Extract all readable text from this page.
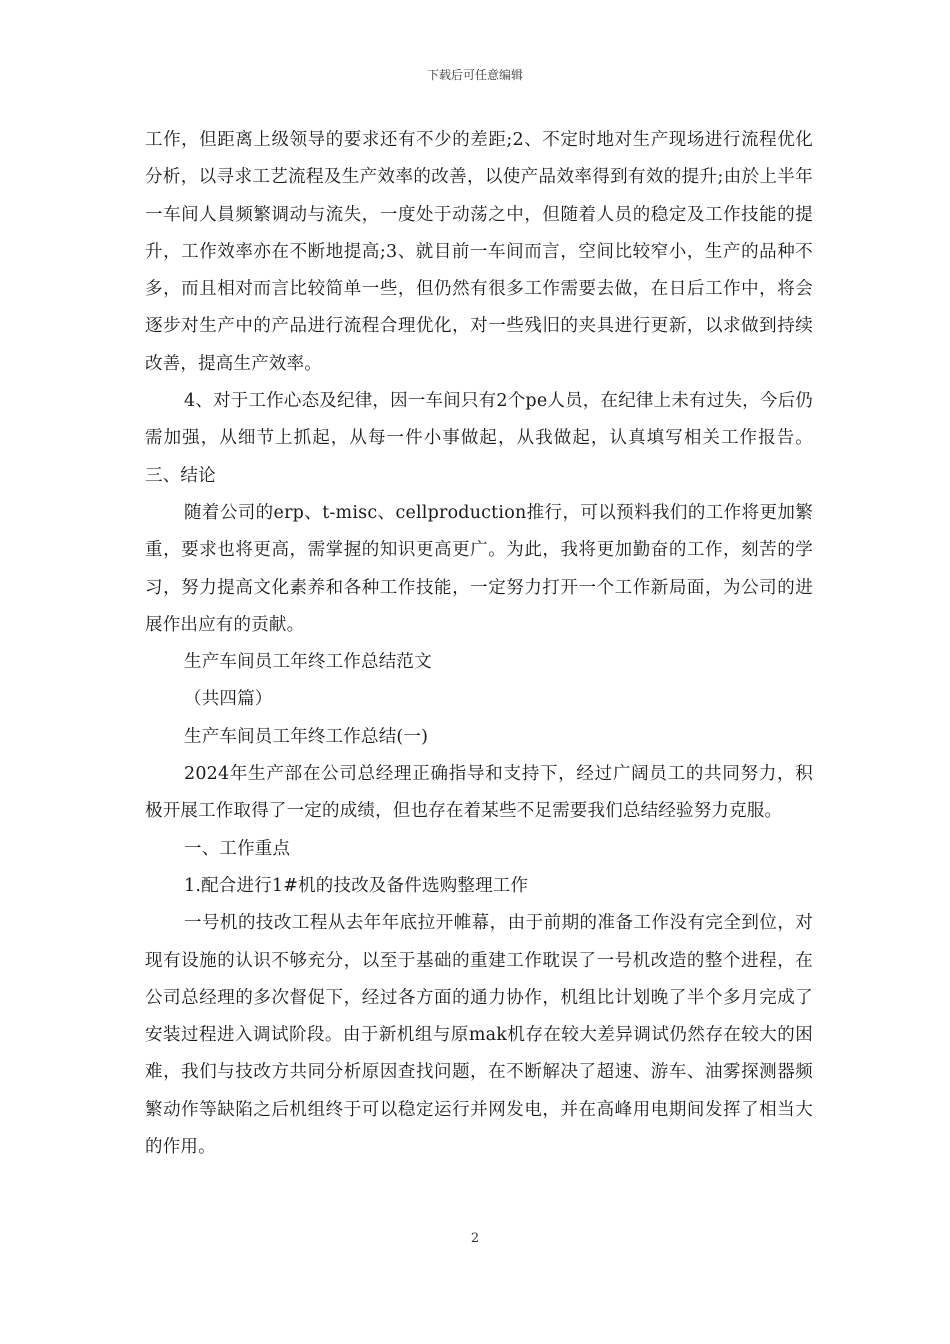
下载后可任意编辑

工作，但距离上级领导的要求还有不少的差距;2、不定时地对生产现场进行流程优化分析，以寻求工艺流程及生产效率的改善，以使产品效率得到有效的提升;由於上半年一车间人員频繁调动与流失，一度处于动荡之中，但随着人员的稳定及工作技能的提升，工作效率亦在不断地提高;3、就目前一车间而言，空间比较窄小，生产的品种不多，而且相对而言比较简单一些，但仍然有很多工作需要去做，在日后工作中，将会逐步对生产中的产品进行流程合理优化，对一些残旧的夹具进行更新，以求做到持续改善，提高生产效率。

4、对于工作心态及纪律，因一车间只有2个pe人员，在纪律上未有过失，今后仍需加强，从细节上抓起，从每一件小事做起，从我做起，认真填写相关工作报告。三、结论

随着公司的erp、t-misc、cellproduction推行，可以预料我们的工作将更加繁重，要求也将更高，需掌握的知识更高更广。为此，我将更加勤奋的工作，刻苦的学习，努力提高文化素养和各种工作技能，一定努力打开一个工作新局面，为公司的进展作出应有的贡献。

生产车间员工年终工作总结范文

（共四篇）

生产车间员工年终工作总结(一)

2024年生产部在公司总经理正确指导和支持下，经过广阔员工的共同努力，积极开展工作取得了一定的成绩，但也存在着某些不足需要我们总结经验努力克服。

一、工作重点

1.配合进行1#机的技改及备件选购整理工作

一号机的技改工程从去年年底拉开帷幕，由于前期的准备工作没有完全到位，对现有设施的认识不够充分，以至于基础的重建工作耽误了一号机改造的整个进程，在公司总经理的多次督促下，经过各方面的通力协作，机组比计划晚了半个多月完成了安装过程进入调试阶段。由于新机组与原mak机存在较大差异调试仍然存在较大的困难，我们与技改方共同分析原因查找问题，在不断解决了超速、游车、油雾探测器频繁动作等缺陷之后机组终于可以稳定运行并网发电，并在高峰用电期间发挥了相当大的作用。

2
